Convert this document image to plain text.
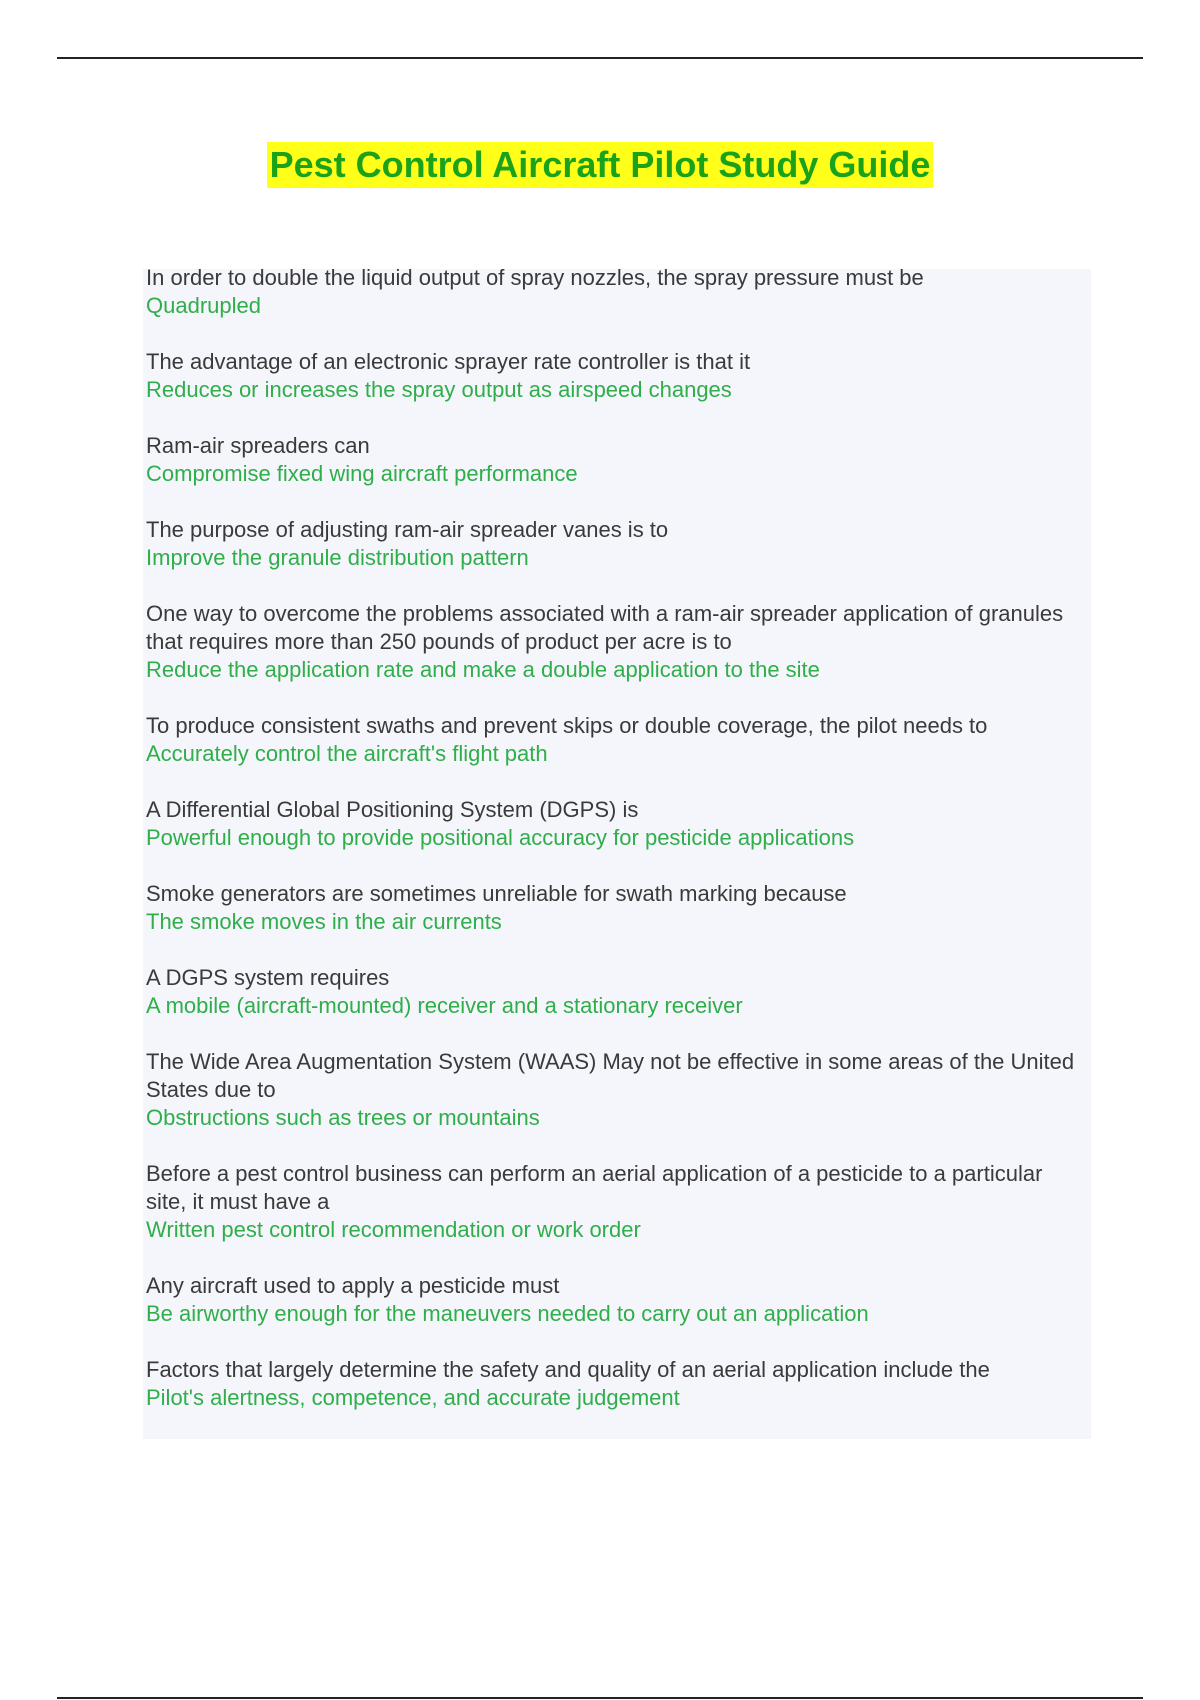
Pest Control Aircraft Pilot Study Guide
In order to double the liquid output of spray nozzles, the spray pressure must be
Quadrupled
The advantage of an electronic sprayer rate controller is that it
Reduces or increases the spray output as airspeed changes
Ram-air spreaders can
Compromise fixed wing aircraft performance
The purpose of adjusting ram-air spreader vanes is to
Improve the granule distribution pattern
One way to overcome the problems associated with a ram-air spreader application of granules that requires more than 250 pounds of product per acre is to
Reduce the application rate and make a double application to the site
To produce consistent swaths and prevent skips or double coverage, the pilot needs to
Accurately control the aircraft's flight path
A Differential Global Positioning System (DGPS) is
Powerful enough to provide positional accuracy for pesticide applications
Smoke generators are sometimes unreliable for swath marking because
The smoke moves in the air currents
A DGPS system requires
A mobile (aircraft-mounted) receiver and a stationary receiver
The Wide Area Augmentation System (WAAS) May not be effective in some areas of the United States due to
Obstructions such as trees or mountains
Before a pest control business can perform an aerial application of a pesticide to a particular site, it must have a
Written pest control recommendation or work order
Any aircraft used to apply a pesticide must
Be airworthy enough for the maneuvers needed to carry out an application
Factors that largely determine the safety and quality of an aerial application include the
Pilot's alertness, competence, and accurate judgement
